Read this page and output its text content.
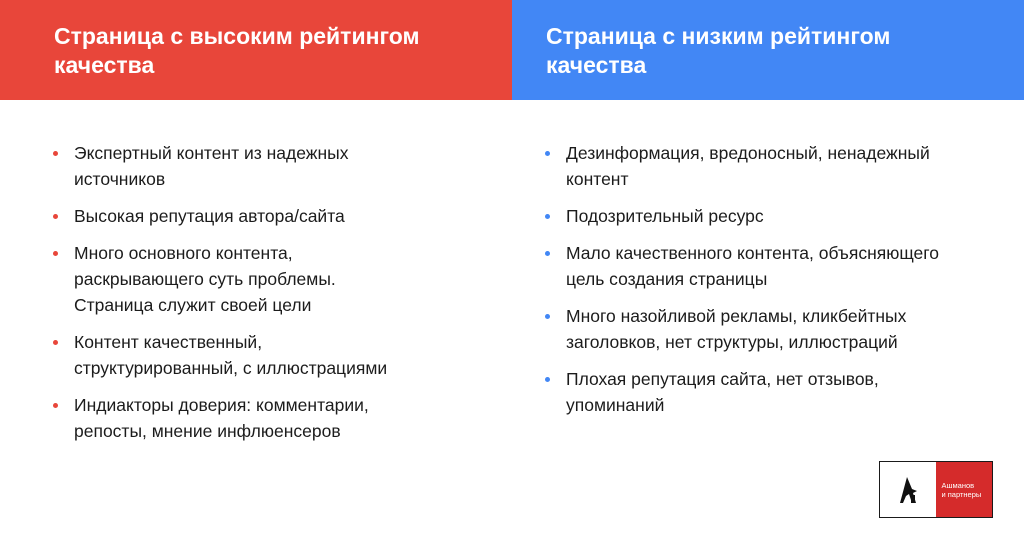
Страница с высоким рейтингом качества
Страница с низким рейтингом качества
Экспертный контент из надежных источников
Высокая репутация автора/сайта
Много основного контента, раскрывающего суть проблемы. Страница служит своей цели
Контент качественный, структурированный, с иллюстрациями
Индиакторы доверия: комментарии, репосты, мнение инфлюенсеров
Дезинформация, вредоносный, ненадежный контент
Подозрительный ресурс
Мало качественного контента, объясняющего цель создания страницы
Много назойливой рекламы, кликбейтных заголовков, нет структуры, иллюстраций
Плохая репутация сайта, нет отзывов, упоминаний
Ашманов
и партнеры
